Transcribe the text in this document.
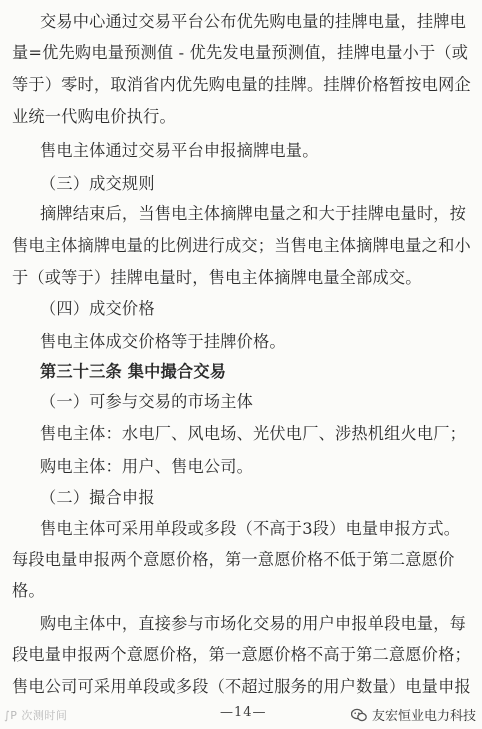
交易中心通过交易平台公布优先购电量的挂牌电量，挂牌电
量=优先购电量预测值 - 优先发电量预测值，挂牌电量小于（或
等于）零时，取消省内优先购电量的挂牌。挂牌价格暂按电网企
业统一代购电价执行。
售电主体通过交易平台申报摘牌电量。
（三）成交规则
摘牌结束后，当售电主体摘牌电量之和大于挂牌电量时，按
售电主体摘牌电量的比例进行成交；当售电主体摘牌电量之和小
于（或等于）挂牌电量时，售电主体摘牌电量全部成交。
（四）成交价格
售电主体成交价格等于挂牌价格。
第三十三条 集中撮合交易
（一）可参与交易的市场主体
售电主体：水电厂、风电场、光伏电厂、涉热机组火电厂；
购电主体：用户、售电公司。
（二）撮合申报
售电主体可采用单段或多段（不高于3段）电量申报方式。
每段电量申报两个意愿价格，第一意愿价格不低于第二意愿价
格。
购电主体中，直接参与市场化交易的用户申报单段电量，每
段电量申报两个意愿价格，第一意愿价格不高于第二意愿价格；
售电公司可采用单段或多段（不超过服务的用户数量）电量申报
∫P 次测时间	—14—	友宏恒业电力科技
